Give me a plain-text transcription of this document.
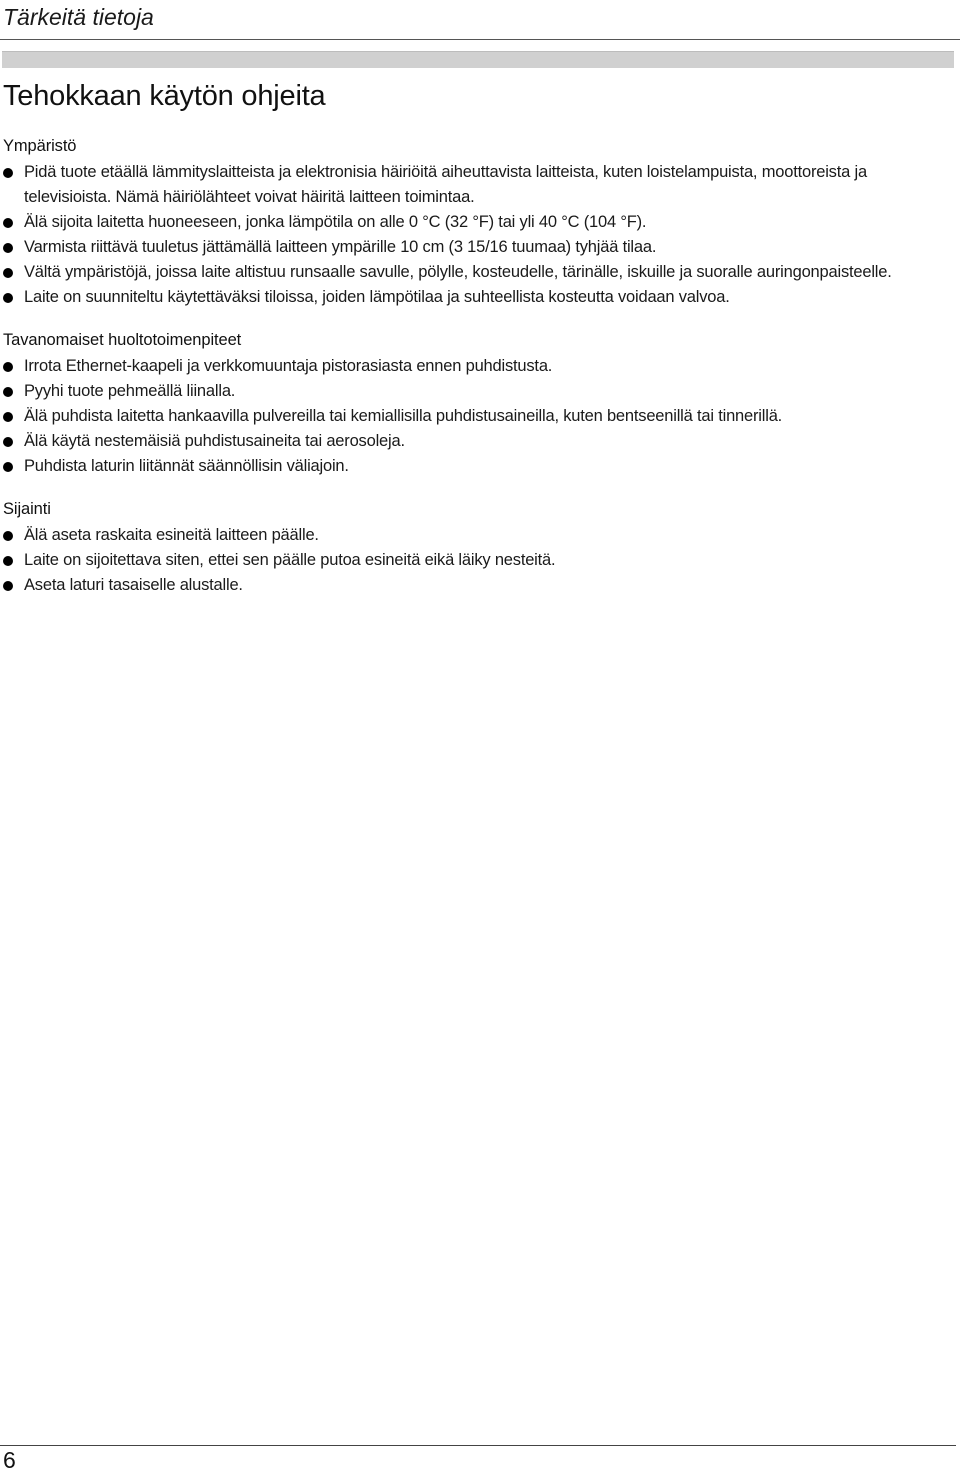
Tärkeitä tietoja
Tehokkaan käytön ohjeita
Ympäristö
Pidä tuote etäällä lämmityslaitteista ja elektronisia häiriöitä aiheuttavista laitteista, kuten loistelampuista, moottoreista ja televisioista. Nämä häiriölähteet voivat häiritä laitteen toimintaa.
Älä sijoita laitetta huoneeseen, jonka lämpötila on alle 0 °C (32 °F) tai yli 40 °C (104 °F).
Varmista riittävä tuuletus jättämällä laitteen ympärille 10 cm (3 15/16 tuumaa) tyhjää tilaa.
Vältä ympäristöjä, joissa laite altistuu runsaalle savulle, pölylle, kosteudelle, tärinälle, iskuille ja suoralle auringonpaisteelle.
Laite on suunniteltu käytettäväksi tiloissa, joiden lämpötilaa ja suhteellista kosteutta voidaan valvoa.
Tavanomaiset huoltotoimenpiteet
Irrota Ethernet-kaapeli ja verkkomuuntaja pistorasiasta ennen puhdistusta.
Pyyhi tuote pehmeällä liinalla.
Älä puhdista laitetta hankaavilla pulvereilla tai kemiallisilla puhdistusaineilla, kuten bentseenillä tai tinnerillä.
Älä käytä nestemäisiä puhdistusaineita tai aerosoleja.
Puhdista laturin liitännät säännöllisin väliajoin.
Sijainti
Älä aseta raskaita esineitä laitteen päälle.
Laite on sijoitettava siten, ettei sen päälle putoa esineitä eikä läiky nesteitä.
Aseta laturi tasaiselle alustalle.
6
